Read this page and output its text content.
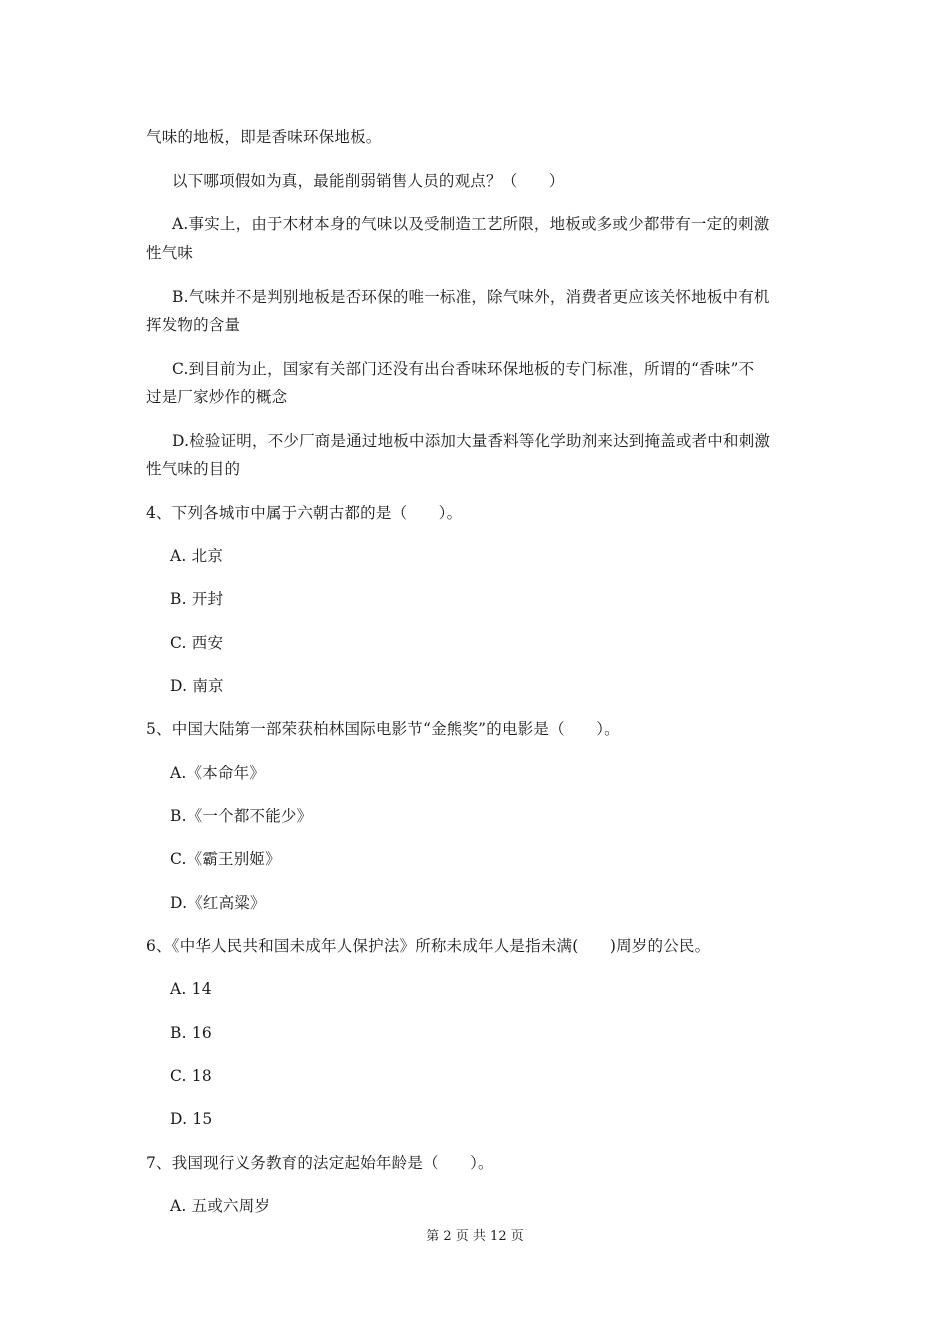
气味的地板，即是香味环保地板。
以下哪项假如为真，最能削弱销售人员的观点？（　　）
A.事实上，由于木材本身的气味以及受制造工艺所限，地板或多或少都带有一定的刺激
性气味
B.气味并不是判别地板是否环保的唯一标准，除气味外，消费者更应该关怀地板中有机
挥发物的含量
C.到目前为止，国家有关部门还没有出台香味环保地板的专门标准，所谓的“香味”不
过是厂家炒作的概念
D.检验证明，不少厂商是通过地板中添加大量香料等化学助剂来达到掩盖或者中和刺激
性气味的目的
4、下列各城市中属于六朝古都的是（　　）。
A. 北京
B. 开封
C. 西安
D. 南京
5、中国大陆第一部荣获柏林国际电影节“金熊奖”的电影是（　　）。
A.《本命年》
B.《一个都不能少》
C.《霸王别姬》
D.《红高粱》
6、《中华人民共和国未成年人保护法》所称未成年人是指未满(　　)周岁的公民。
A. 14
B. 16
C. 18
D. 15
7、我国现行义务教育的法定起始年龄是（　　）。
A. 五或六周岁
第 2 页 共 12 页
